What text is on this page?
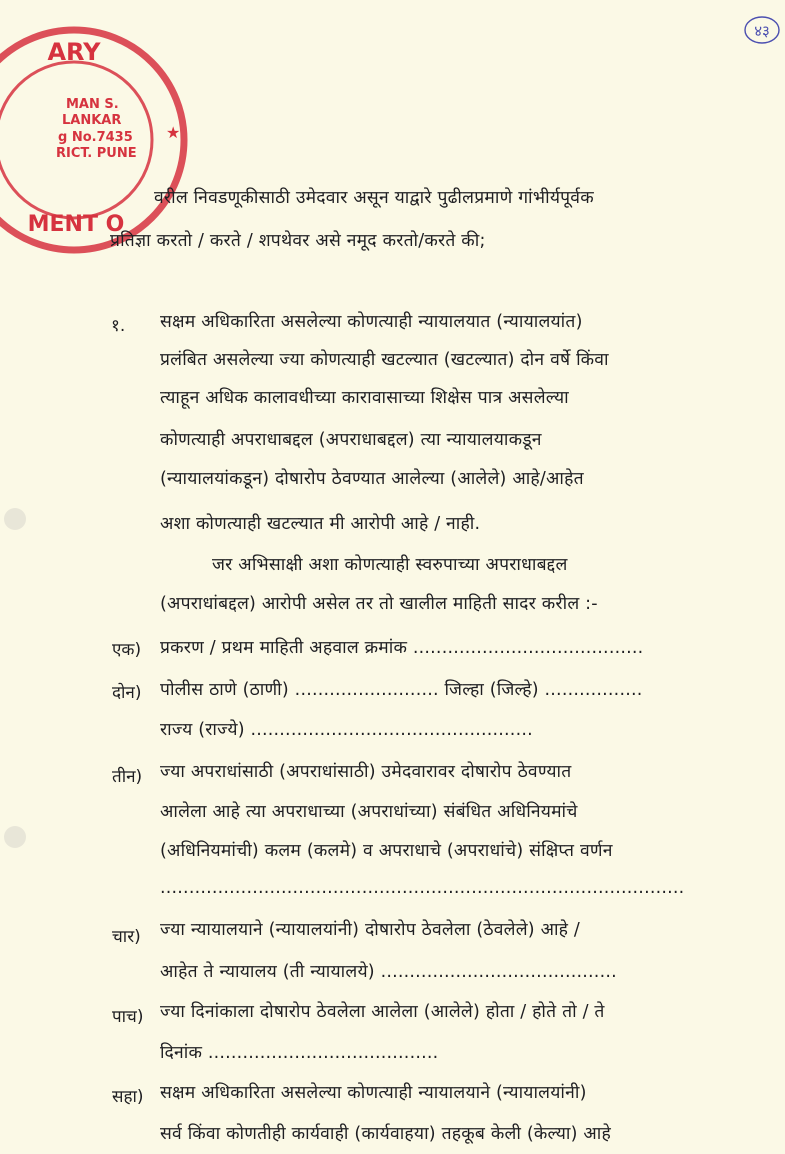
४३
ARY
MENT O
MAN S.
LANKAR
g No.7435
RICT. PUNE
★
वरील निवडणूकीसाठी उमेदवार असून याद्वारे पुढीलप्रमाणे गांभीर्यपूर्वक
प्रतिज्ञा करतो / करते / शपथेवर असे नमूद करतो/करते की;
१. सक्षम अधिकारिता असलेल्या कोणत्याही न्यायालयात (न्यायालयांत)
प्रलंबित असलेल्या ज्या कोणत्याही खटल्यात (खटल्यात) दोन वर्षे किंवा
त्याहून अधिक कालावधीच्या कारावासाच्या शिक्षेस पात्र असलेल्या
कोणत्याही अपराधाबद्दल (अपराधाबद्दल) त्या न्यायालयाकडून
(न्यायालयांकडून) दोषारोप ठेवण्यात आलेल्या (आलेले) आहे/आहेत
अशा कोणत्याही खटल्यात मी आरोपी आहे / नाही.
जर अभिसाक्षी अशा कोणत्याही स्वरुपाच्या अपराधाबद्दल
(अपराधांबद्दल) आरोपी असेल तर तो खालील माहिती सादर करील :-
एक) प्रकरण / प्रथम माहिती अहवाल क्रमांक ........................................
दोन) पोलीस ठाणे (ठाणी) ......................... जिल्हा (जिल्हे) .................
राज्य (राज्ये) .................................................
तीन) ज्या अपराधांसाठी (अपराधांसाठी) उमेदवारावर दोषारोप ठेवण्यात
आलेला आहे त्या अपराधाच्या (अपराधांच्या) संबंधित अधिनियमांचे
(अधिनियमांची) कलम (कलमे) व अपराधाचे (अपराधांचे) संक्षिप्त वर्णन
...........................................................................................
चार) ज्या न्यायालयाने (न्यायालयांनी) दोषारोप ठेवलेला (ठेवलेले) आहे /
आहेत ते न्यायालय (ती न्यायालये) .........................................
पाच) ज्या दिनांकाला दोषारोप ठेवलेला आलेला (आलेले) होता / होते तो / ते
दिनांक ........................................
सहा) सक्षम अधिकारिता असलेल्या कोणत्याही न्यायालयाने (न्यायालयांनी)
सर्व किंवा कोणतीही कार्यवाही (कार्यवाहया) तहकूब केली (केल्या) आहे
